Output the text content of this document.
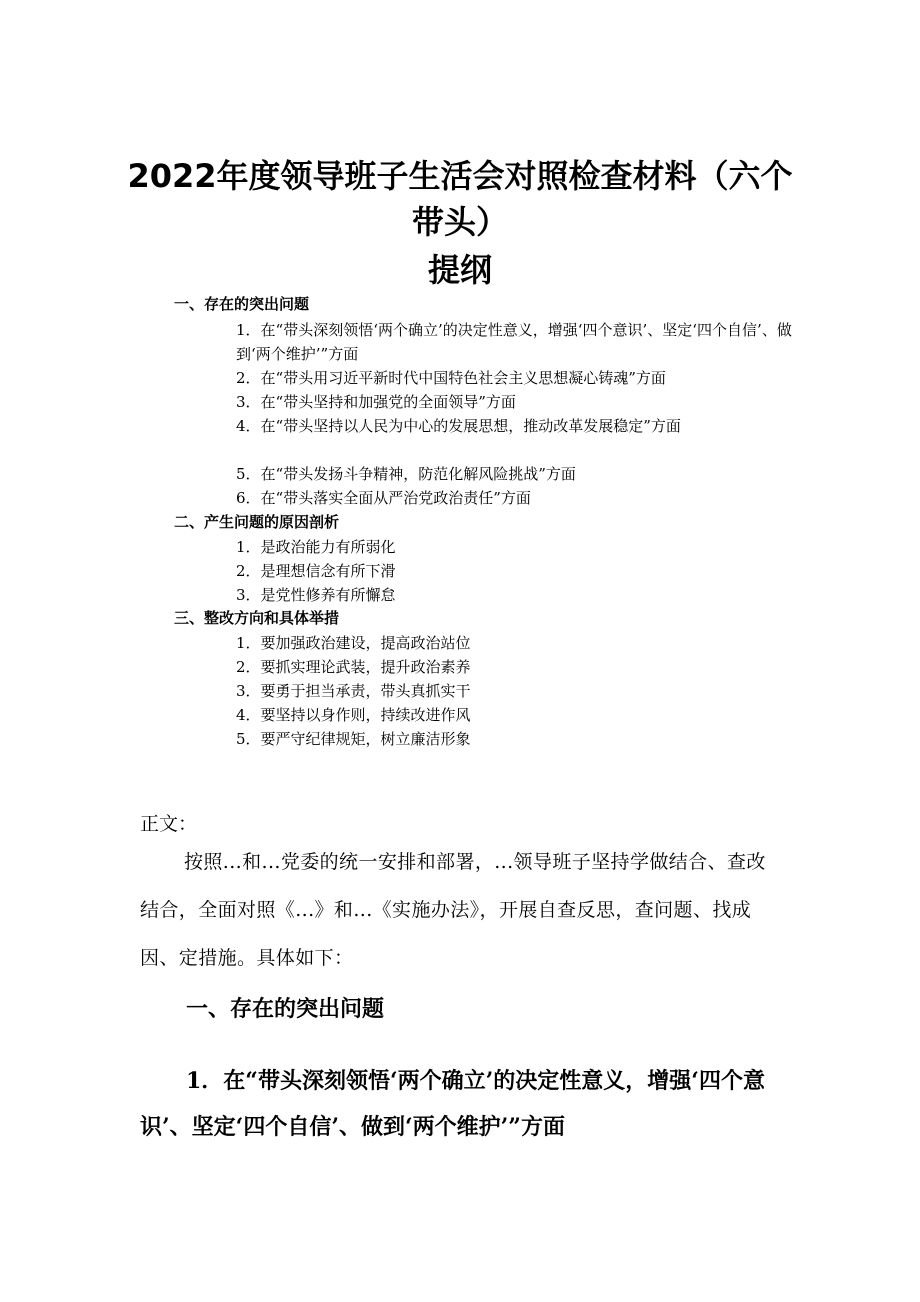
2022年度领导班子生活会对照检查材料（六个
带头）
提纲
一、存在的突出问题
1．在“带头深刻领悟‘两个确立’的决定性意义，增强‘四个意识’、坚定‘四个自信’、做到‘两个维护’”方面
2．在“带头用习近平新时代中国特色社会主义思想凝心铸魂”方面
3．在“带头坚持和加强党的全面领导”方面
4．在“带头坚持以人民为中心的发展思想，推动改革发展稳定”方面
5．在“带头发扬斗争精神，防范化解风险挑战”方面
6．在“带头落实全面从严治党政治责任”方面
二、产生问题的原因剖析
1．是政治能力有所弱化
2．是理想信念有所下滑
3．是党性修养有所懈怠
三、整改方向和具体举措
1．要加强政治建设，提高政治站位
2．要抓实理论武装，提升政治素养
3．要勇于担当承责，带头真抓实干
4．要坚持以身作则，持续改进作风
5．要严守纪律规矩，树立廉洁形象
正文：
按照...和...党委的统一安排和部署，...领导班子坚持学做结合、查改结合，全面对照《...》和...《实施办法》，开展自查反思，查问题、找成因、定措施。具体如下：
一、存在的突出问题
1．在“带头深刻领悟‘两个确立’的决定性意义，增强‘四个意识’、坚定‘四个自信’、做到‘两个维护’”方面
